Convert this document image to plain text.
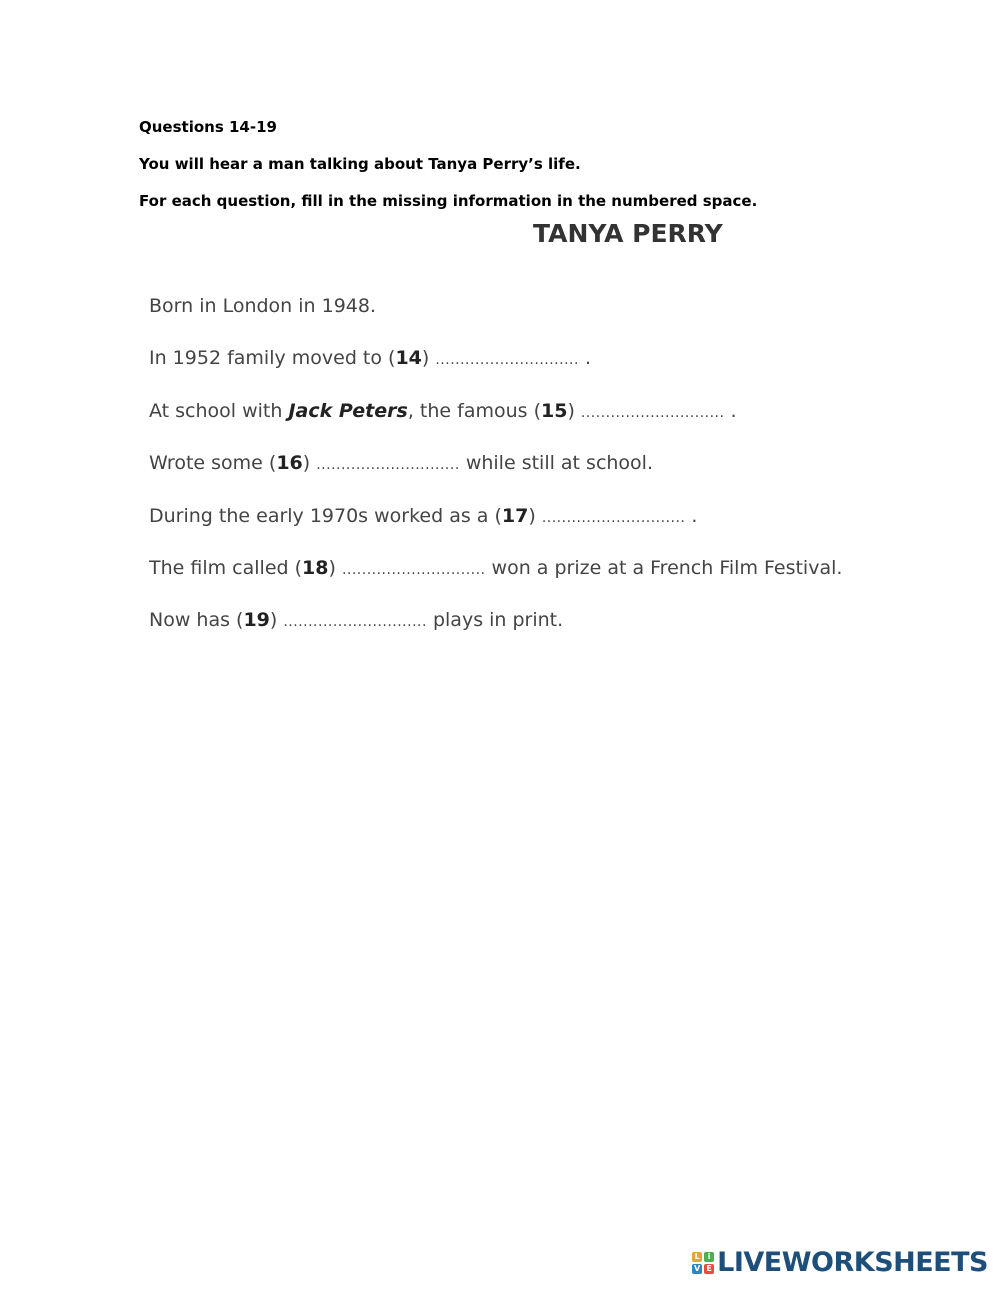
Questions 14-19
You will hear a man talking about Tanya Perry’s life.
For each question, fill in the missing information in the numbered space.
TANYA PERRY
Born in London in 1948.
In 1952 family moved to (14) ............................. .
At school with Jack Peters, the famous (15) ............................. .
Wrote some (16) ............................. while still at school.
During the early 1970s worked as a (17) ............................. .
The film called (18) ............................. won a prize at a French Film Festival.
Now has (19) ............................. plays in print.
L	i
V E LIVEWORKSHEETS
